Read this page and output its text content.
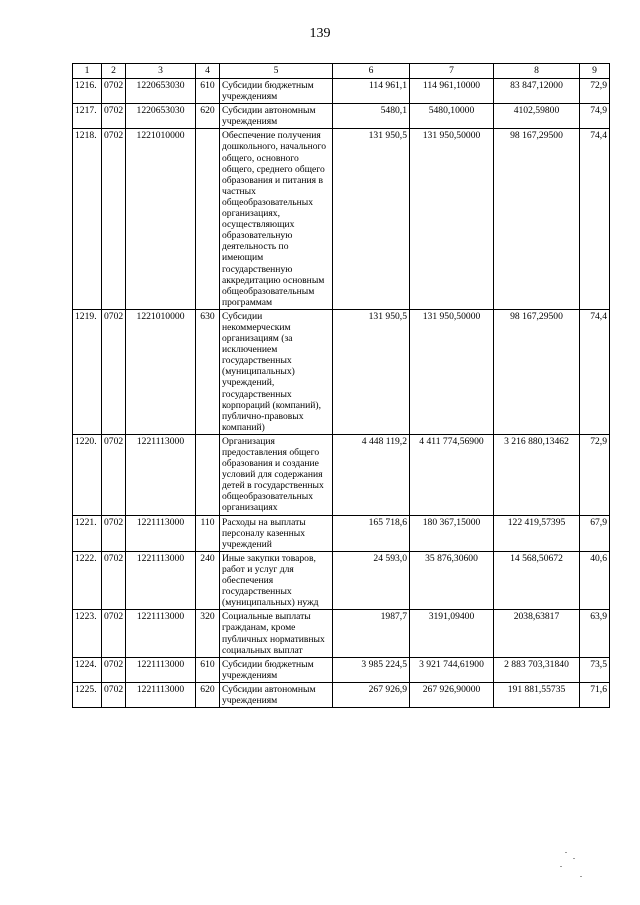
139
1	2	3	4	5	6	7	8	9
1216.	0702	1220653030	610	Субсидии бюджетным учреждениям	114 961,1	114 961,10000	83 847,12000	72,9
1217.	0702	1220653030	620	Субсидии автономным учреждениям	5480,1	5480,10000	4102,59800	74,9
1218.	0702	1221010000		Обеспечение получения дошкольного, начального общего, основного общего, среднего общего образования и питания в частных общеобразовательных организациях, осуществляющих образовательную деятельность по имеющим государственную аккредитацию основным общеобразовательным программам	131 950,5	131 950,50000	98 167,29500	74,4
1219.	0702	1221010000	630	Субсидии некоммерческим организациям (за исключением государственных (муниципальных) учреждений, государственных корпораций (компаний), публично-правовых компаний)	131 950,5	131 950,50000	98 167,29500	74,4
1220.	0702	1221113000		Организация предоставления общего образования и создание условий для содержания детей в государственных общеобразовательных организациях	4 448 119,2	4 411 774,56900	3 216 880,13462	72,9
1221.	0702	1221113000	110	Расходы на выплаты персоналу казенных учреждений	165 718,6	180 367,15000	122 419,57395	67,9
1222.	0702	1221113000	240	Иные закупки товаров, работ и услуг для обеспечения государственных (муниципальных) нужд	24 593,0	35 876,30600	14 568,50672	40,6
1223.	0702	1221113000	320	Социальные выплаты гражданам, кроме публичных нормативных социальных выплат	1987,7	3191,09400	2038,63817	63,9
1224.	0702	1221113000	610	Субсидии бюджетным учреждениям	3 985 224,5	3 921 744,61900	2 883 703,31840	73,5
1225.	0702	1221113000	620	Субсидии автономным учреждениям	267 926,9	267 926,90000	191 881,55735	71,6
